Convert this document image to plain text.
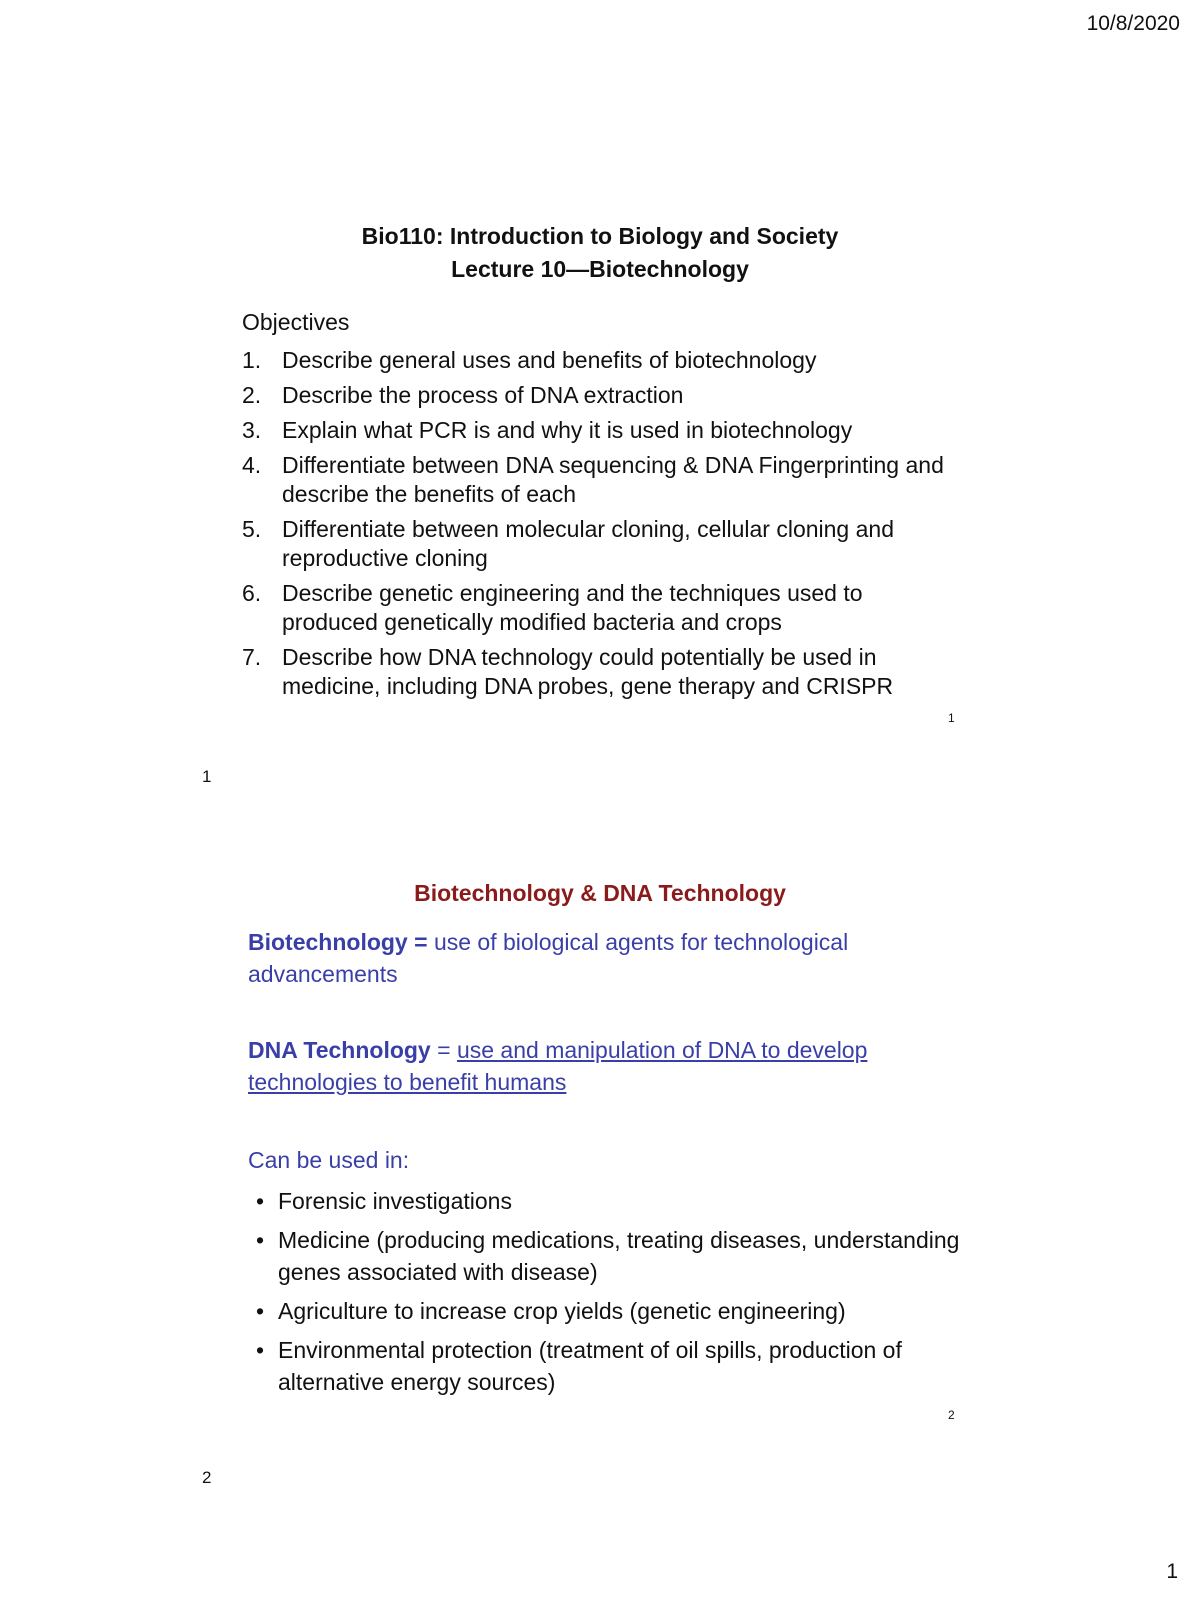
10/8/2020
Bio110: Introduction to Biology and Society
Lecture 10—Biotechnology
Objectives
1. Describe general uses and benefits of biotechnology
2. Describe the process of DNA extraction
3. Explain what PCR is and why it is used in biotechnology
4. Differentiate between DNA sequencing & DNA Fingerprinting and describe the benefits of each
5. Differentiate between molecular cloning, cellular cloning and reproductive cloning
6. Describe genetic engineering and the techniques used to produced genetically modified bacteria and crops
7. Describe how DNA technology could potentially be used in medicine, including DNA probes, gene therapy and CRISPR
1
1
Biotechnology & DNA Technology
Biotechnology = use of biological agents for technological advancements
DNA Technology = use and manipulation of DNA to develop technologies to benefit humans
Can be used in:
• Forensic investigations
• Medicine (producing medications, treating diseases, understanding genes associated with disease)
• Agriculture to increase crop yields (genetic engineering)
• Environmental protection (treatment of oil spills, production of alternative energy sources)
2
2
1
